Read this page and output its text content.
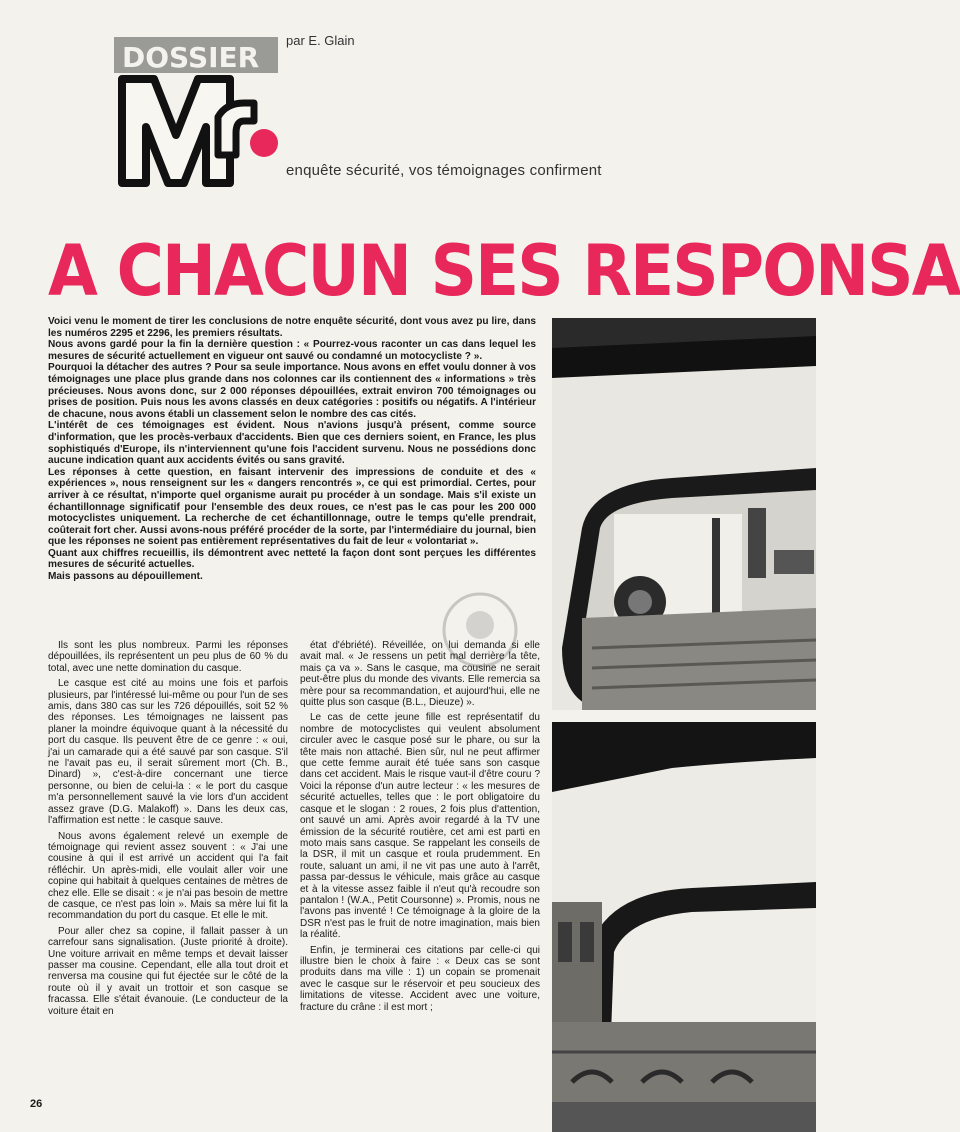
DOSSIER
par E. Glain
enquête sécurité, vos témoignages confirment
A CHACUN SES RESPONSA

Voici venu le moment de tirer les conclusions de notre enquête sécurité, dont vous avez pu lire, dans les numéros 2295 et 2296, les premiers résultats.

Nous avons gardé pour la fin la dernière question : « Pourrez-vous raconter un cas dans lequel les mesures de sécurité actuellement en vigueur ont sauvé ou condamné un motocycliste ? ».

Pourquoi la détacher des autres ? Pour sa seule importance. Nous avons en effet voulu donner à vos témoignages une place plus grande dans nos colonnes car ils contiennent des « informations » très précieuses. Nous avons donc, sur 2 000 réponses dépouillées, extrait environ 700 témoignages ou prises de position. Puis nous les avons classés en deux catégories : positifs ou négatifs. A l'intérieur de chacune, nous avons établi un classement selon le nombre des cas cités.

L'intérêt de ces témoignages est évident. Nous n'avions jusqu'à présent, comme source d'information, que les procès-verbaux d'accidents. Bien que ces derniers soient, en France, les plus sophistiqués d'Europe, ils n'interviennent qu'une fois l'accident survenu. Nous ne possédions donc aucune indication quant aux accidents évités ou sans gravité.

Les réponses à cette question, en faisant intervenir des impressions de conduite et des « expériences », nous renseignent sur les « dangers rencontrés », ce qui est primordial. Certes, pour arriver à ce résultat, n'importe quel organisme aurait pu procéder à un sondage. Mais s'il existe un échantillonnage significatif pour l'ensemble des deux roues, ce n'est pas le cas pour les 200 000 motocyclistes uniquement. La recherche de cet échantillonnage, outre le temps qu'elle prendrait, coûterait fort cher. Aussi avons-nous préféré procéder de la sorte, par l'intermédiaire du journal, bien que les réponses ne soient pas entièrement représentatives du fait de leur « volontariat ».

Quant aux chiffres recueillis, ils démontrent avec netteté la façon dont sont perçues les différentes mesures de sécurité actuelles.

Mais passons au dépouillement.

Ils sont les plus nombreux. Parmi les réponses dépouillées, ils représentent un peu plus de 60 % du total, avec une nette domination du casque.

Le casque est cité au moins une fois et parfois plusieurs, par l'intéressé lui-même ou pour l'un de ses amis, dans 380 cas sur les 726 dépouillés, soit 52 % des réponses. Les témoignages ne laissent pas planer la moindre équivoque quant à la nécessité du port du casque. Ils peuvent être de ce genre : « oui, j'ai un camarade qui a été sauvé par son casque. S'il ne l'avait pas eu, il serait sûrement mort (Ch. B., Dinard) », c'est-à-dire concernant une tierce personne, ou bien de celui-la : « le port du casque m'a personnellement sauvé la vie lors d'un accident assez grave (D.G. Malakoff) ». Dans les deux cas, l'affirmation est nette : le casque sauve.

Nous avons également relevé un exemple de témoignage qui revient assez souvent : « J'ai une cousine à qui il est arrivé un accident qui l'a fait réfléchir. Un après-midi, elle voulait aller voir une copine qui habitait à quelques centaines de mètres de chez elle. Elle se disait : « je n'ai pas besoin de mettre de casque, ce n'est pas loin ». Mais sa mère lui fit la recommandation du port du casque. Et elle le mit.

Pour aller chez sa copine, il fallait passer à un carrefour sans signalisation. (Juste priorité à droite). Une voiture arrivait en même temps et devait laisser passer ma cousine. Cependant, elle alla tout droit et renversa ma cousine qui fut éjectée sur le côté de la route où il y avait un trottoir et son casque se fracassa. Elle s'était évanouie. (Le conducteur de la voiture était en

état d'ébriété). Réveillée, on lui demanda si elle avait mal. « Je ressens un petit mal derrière la tête, mais ça va ». Sans le casque, ma cousine ne serait peut-être plus du monde des vivants. Elle remercia sa mère pour sa recommandation, et aujourd'hui, elle ne quitte plus son casque (B.L., Dieuze) ».

Le cas de cette jeune fille est représentatif du nombre de motocyclistes qui veulent absolument circuler avec le casque posé sur le phare, ou sur la tête mais non attaché. Bien sûr, nul ne peut affirmer que cette femme aurait été tuée sans son casque dans cet accident. Mais le risque vaut-il d'être couru ? Voici la réponse d'un autre lecteur : « les mesures de sécurité actuelles, telles que : le port obligatoire du casque et le slogan : 2 roues, 2 fois plus d'attention, ont sauvé un ami. Après avoir regardé à la TV une émission de la sécurité routière, cet ami est parti en moto mais sans casque. Se rappelant les conseils de la DSR, il mit un casque et roula prudemment. En route, saluant un ami, il ne vit pas une auto à l'arrêt, passa par-dessus le véhicule, mais grâce au casque et à la vitesse assez faible il n'eut qu'à recoudre son pantalon ! (W.A., Petit Coursonne) ». Promis, nous ne l'avons pas inventé ! Ce témoignage à la gloire de la DSR n'est pas le fruit de notre imagination, mais bien la réalité.

Enfin, je terminerai ces citations par celle-ci qui illustre bien le choix à faire : « Deux cas se sont produits dans ma ville : 1) un copain se promenait avec le casque sur le réservoir et peu soucieux des limitations de vitesse. Accident avec une voiture, fracture du crâne : il est mort ;

26
